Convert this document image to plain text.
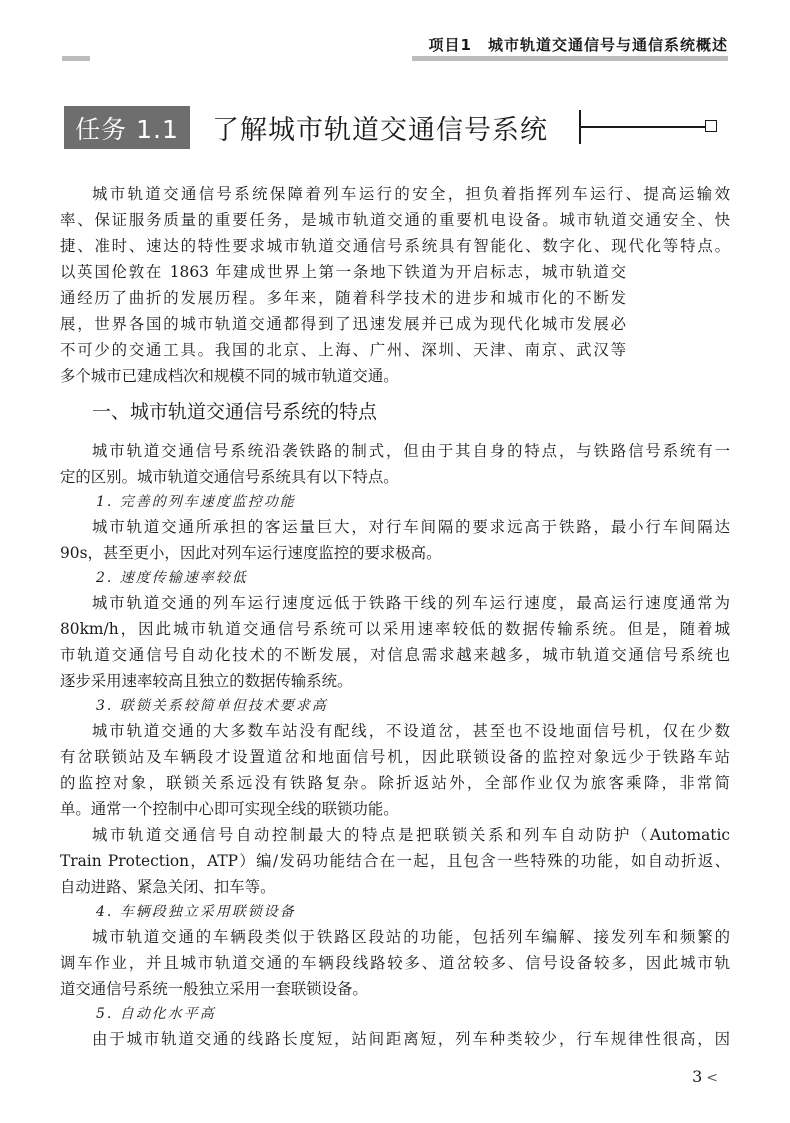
项目1　城市轨道交通信号与通信系统概述
任务 1.1	了解城市轨道交通信号系统
城市轨道交通信号系统保障着列车运行的安全，担负着指挥列车运行、提高运输效
率、保证服务质量的重要任务，是城市轨道交通的重要机电设备。城市轨道交通安全、快
捷、准时、速达的特性要求城市轨道交通信号系统具有智能化、数字化、现代化等特点。
以英国伦敦在 1863 年建成世界上第一条地下铁道为开启标志，城市轨道交
通经历了曲折的发展历程。多年来，随着科学技术的进步和城市化的不断发
展，世界各国的城市轨道交通都得到了迅速发展并已成为现代化城市发展必
不可少的交通工具。我国的北京、上海、广州、深圳、天津、南京、武汉等
多个城市已建成档次和规模不同的城市轨道交通。
一、城市轨道交通信号系统的特点
城市轨道交通信号系统沿袭铁路的制式，但由于其自身的特点，与铁路信号系统有一
定的区别。城市轨道交通信号系统具有以下特点。
1. 完善的列车速度监控功能
城市轨道交通所承担的客运量巨大，对行车间隔的要求远高于铁路，最小行车间隔达
90s，甚至更小，因此对列车运行速度监控的要求极高。
2. 速度传输速率较低
城市轨道交通的列车运行速度远低于铁路干线的列车运行速度，最高运行速度通常为
80km/h，因此城市轨道交通信号系统可以采用速率较低的数据传输系统。但是，随着城
市轨道交通信号自动化技术的不断发展，对信息需求越来越多，城市轨道交通信号系统也
逐步采用速率较高且独立的数据传输系统。
3. 联锁关系较简单但技术要求高
城市轨道交通的大多数车站没有配线，不设道岔，甚至也不设地面信号机，仅在少数
有岔联锁站及车辆段才设置道岔和地面信号机，因此联锁设备的监控对象远少于铁路车站
的监控对象，联锁关系远没有铁路复杂。除折返站外，全部作业仅为旅客乘降，非常简
单。通常一个控制中心即可实现全线的联锁功能。
城市轨道交通信号自动控制最大的特点是把联锁关系和列车自动防护（Automatic
Train Protection，ATP）编/发码功能结合在一起，且包含一些特殊的功能，如自动折返、
自动进路、紧急关闭、扣车等。
4. 车辆段独立采用联锁设备
城市轨道交通的车辆段类似于铁路区段站的功能，包括列车编解、接发列车和频繁的
调车作业，并且城市轨道交通的车辆段线路较多、道岔较多、信号设备较多，因此城市轨
道交通信号系统一般独立采用一套联锁设备。
5. 自动化水平高
由于城市轨道交通的线路长度短，站间距离短，列车种类较少，行车规律性很高，因
3 <
